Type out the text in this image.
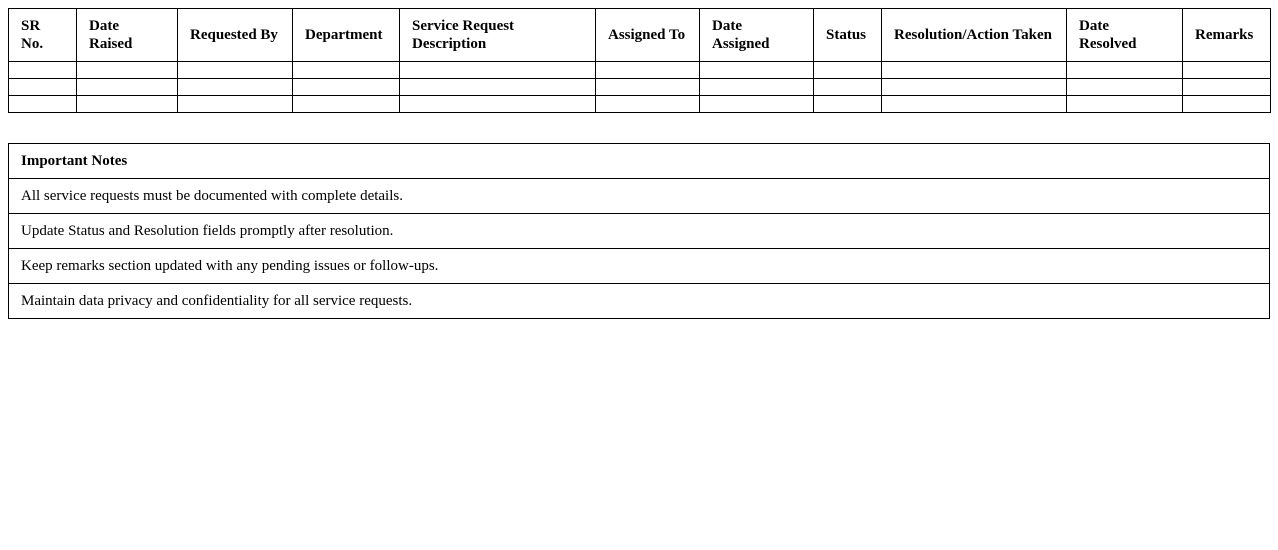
SR No.	Date Raised	Requested By	Department	Service Request Description	Assigned To	Date Assigned	Status	Resolution/Action Taken	Date Resolved	Remarks

Important Notes
All service requests must be documented with complete details.
Update Status and Resolution fields promptly after resolution.
Keep remarks section updated with any pending issues or follow-ups.
Maintain data privacy and confidentiality for all service requests.
